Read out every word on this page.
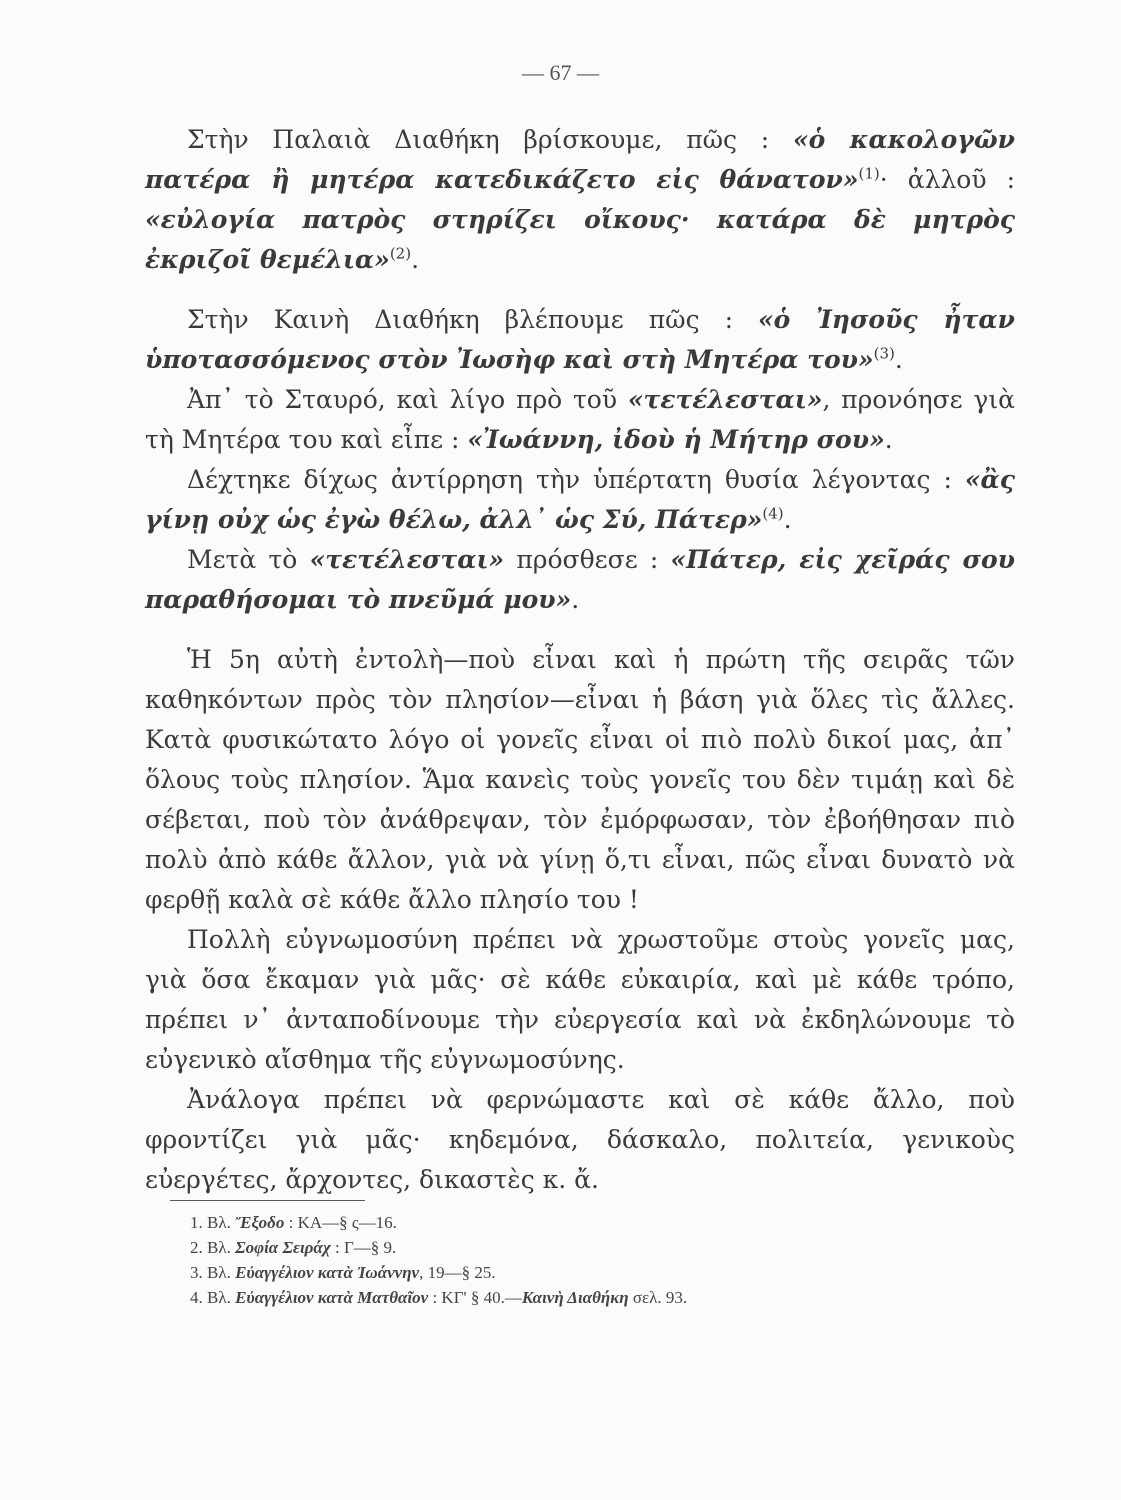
— 67 —

Στὴν Παλαιὰ Διαθήκη βρίσκουμε, πῶς : «ὁ κακολογῶν πατέρα ἢ μητέρα κατεδικάζετο εἰς θάνατον»$^{(1)}$· ἀλλοῦ : «εὐλογία πατρὸς στηρίζει οἴκους· κατάρα δὲ μητρὸς ἐκριζοῖ θεμέλια»$^{(2)}$.

Στὴν Καινὴ Διαθήκη βλέπουμε πῶς : «ὁ Ἰησοῦς ἦταν ὑποτασσόμενος στὸν Ἰωσὴφ καὶ στὴ Μητέρα του»$^{(3)}$.

Ἀπ᾿ τὸ Σταυρό, καὶ λίγο πρὸ τοῦ «τετέλεσται», προνόησε γιὰ τὴ Μητέρα του καὶ εἶπε : «Ἰωάννη, ἰδοὺ ἡ Μήτηρ σου».

Δέχτηκε δίχως ἀντίρρηση τὴν ὑπέρτατη θυσία λέγοντας : «ἂς γίνῃ οὐχ ὡς ἐγὼ θέλω, ἀλλ᾿ ὡς Σύ, Πάτερ»$^{(4)}$.

Μετὰ τὸ «τετέλεσται» πρόσθεσε : «Πάτερ, εἰς χεῖράς σου παραθήσομαι τὸ πνεῦμά μου».

Ἡ 5η αὐτὴ ἐντολὴ—ποὺ εἶναι καὶ ἡ πρώτη τῆς σειρᾶς τῶν καθηκόντων πρὸς τὸν πλησίον—εἶναι ἡ βάση γιὰ ὅλες τὶς ἄλλες. Κατὰ φυσικώτατο λόγο οἱ γονεῖς εἶναι οἱ πιὸ πολὺ δικοί μας, ἀπ᾿ ὅλους τοὺς πλησίον. Ἅμα κανεὶς τοὺς γονεῖς του δὲν τιμάῃ καὶ δὲ σέβεται, ποὺ τὸν ἀνάθρεψαν, τὸν ἐμόρφωσαν, τὸν ἐβοήθησαν πιὸ πολὺ ἀπὸ κάθε ἄλλον, γιὰ νὰ γίνῃ ὅ,τι εἶναι, πῶς εἶναι δυνατὸ νὰ φερθῇ καλὰ σὲ κάθε ἄλλο πλησίο του !

Πολλὴ εὐγνωμοσύνη πρέπει νὰ χρωστοῦμε στοὺς γονεῖς μας, γιὰ ὅσα ἔκαμαν γιὰ μᾶς· σὲ κάθε εὐκαιρία, καὶ μὲ κάθε τρόπο, πρέπει ν᾿ ἀνταποδίνουμε τὴν εὐεργεσία καὶ νὰ ἐκδηλώνουμε τὸ εὐγενικὸ αἴσθημα τῆς εὐγνωμοσύνης.

Ἀνάλογα πρέπει νὰ φερνώμαστε καὶ σὲ κάθε ἄλλο, ποὺ φροντίζει γιὰ μᾶς· κηδεμόνα, δάσκαλο, πολιτεία, γενικοὺς εὐεργέτες, ἄρχοντες, δικαστὲς κ. ἄ.

1. Βλ. Ἔξοδο : ΚΑ—§ ς—16.
2. Βλ. Σοφία Σειράχ : Γ—§ 9.
3. Βλ. Εὐαγγέλιον κατὰ Ἰωάννην, 19—§ 25.
4. Βλ. Εὐαγγέλιον κατὰ Ματθαῖον : ΚΓ' § 40.—Καινὴ Διαθήκη σελ. 93.
